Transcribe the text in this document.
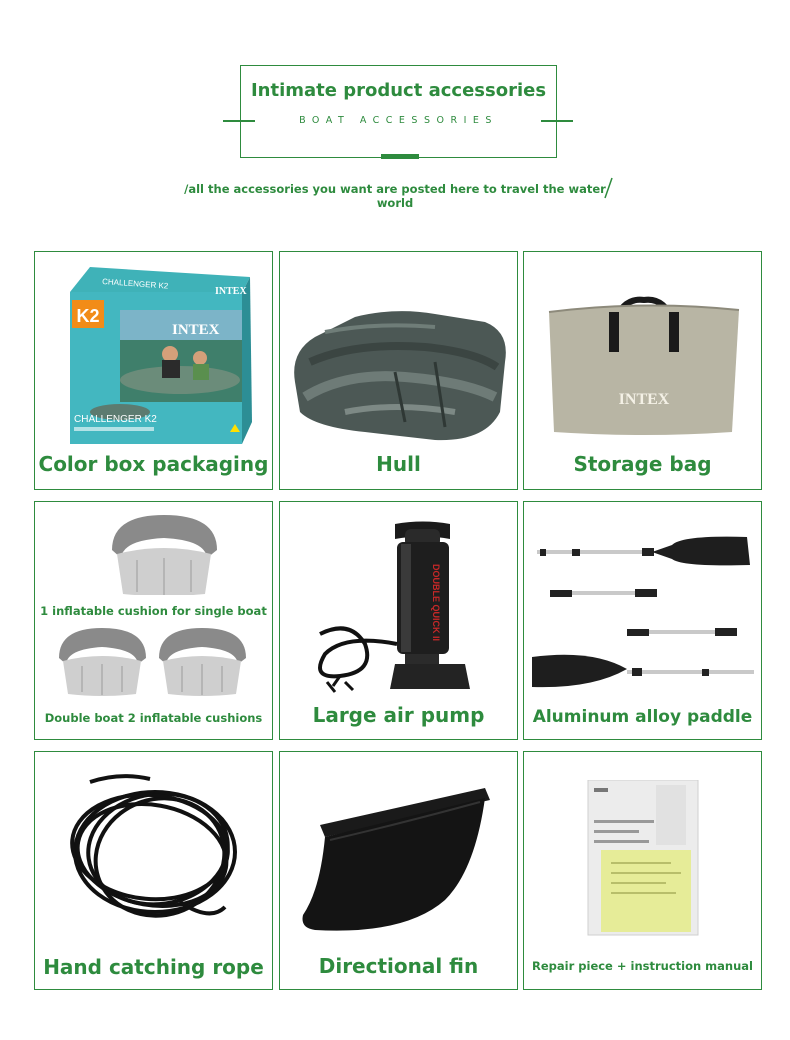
Intimate product accessories
BOAT ACCESSORIES
/all the accessories you want are posted here to travel the water world
K2
INTEX
INTEX
CHALLENGER K2
CHALLENGER K2
Color box packaging	Hull
INTEX
Storage bag
1 inflatable cushion for single boat
Double boat 2 inflatable cushions
DOUBLE QUICK II
Large air pump	Aluminum alloy paddle
Hand catching rope	Directional fin	Repair piece + instruction manual
